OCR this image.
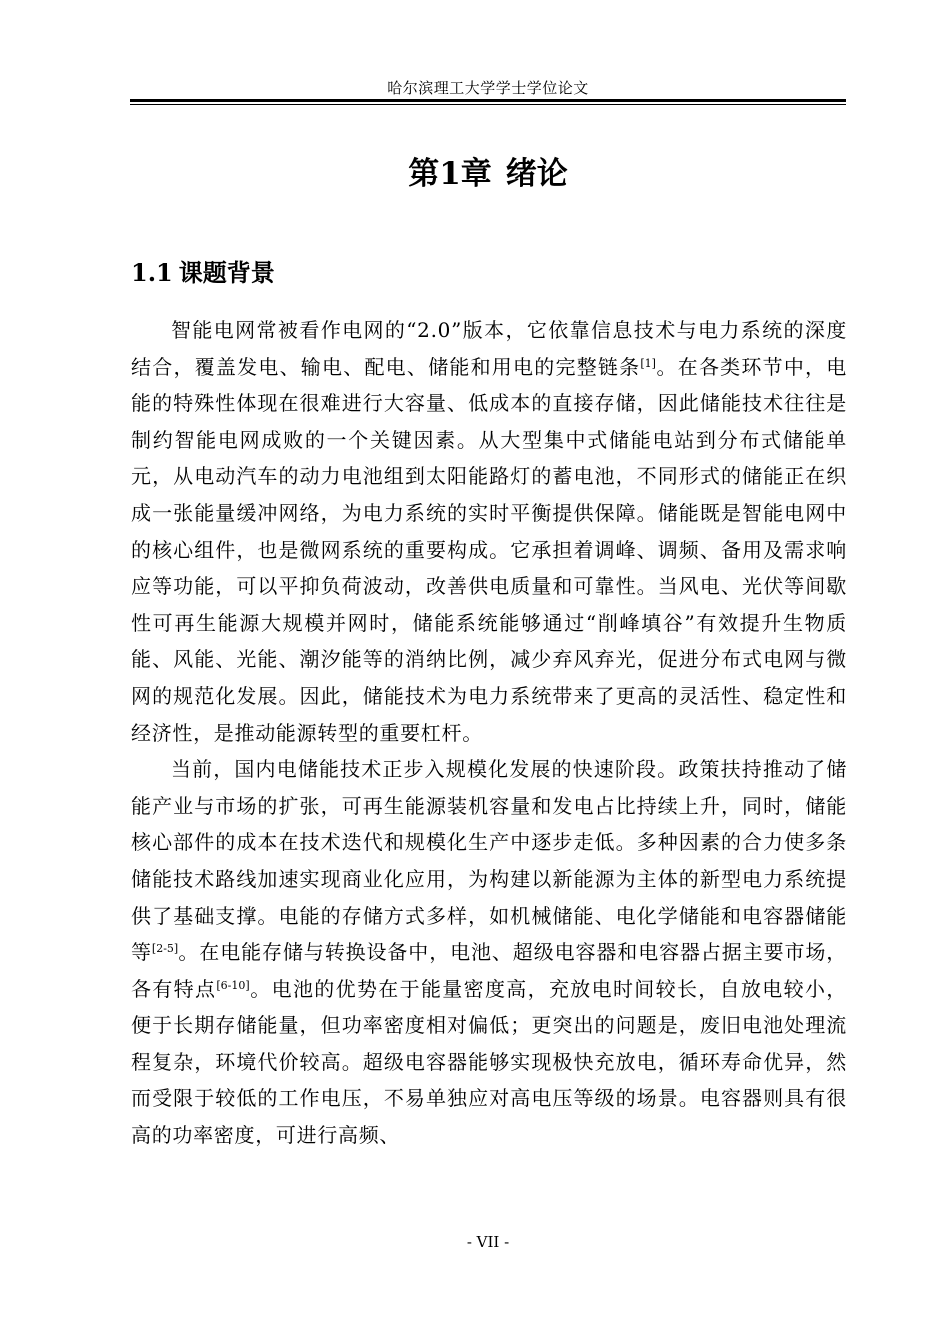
哈尔滨理工大学学士学位论文
第1章 绪论
1.1 课题背景

智能电网常被看作电网的“2.0”版本，它依靠信息技术与电力系统的深度结合，覆盖发电、输电、配电、储能和用电的完整链条[1]。在各类环节中，电能的特殊性体现在很难进行大容量、低成本的直接存储，因此储能技术往往是制约智能电网成败的一个关键因素。从大型集中式储能电站到分布式储能单元，从电动汽车的动力电池组到太阳能路灯的蓄电池，不同形式的储能正在织成一张能量缓冲网络，为电力系统的实时平衡提供保障。储能既是智能电网中的核心组件，也是微网系统的重要构成。它承担着调峰、调频、备用及需求响应等功能，可以平抑负荷波动，改善供电质量和可靠性。当风电、光伏等间歇性可再生能源大规模并网时，储能系统能够通过“削峰填谷”有效提升生物质能、风能、光能、潮汐能等的消纳比例，减少弃风弃光，促进分布式电网与微网的规范化发展。因此，储能技术为电力系统带来了更高的灵活性、稳定性和经济性，是推动能源转型的重要杠杆。

当前，国内电储能技术正步入规模化发展的快速阶段。政策扶持推动了储能产业与市场的扩张，可再生能源装机容量和发电占比持续上升，同时，储能核心部件的成本在技术迭代和规模化生产中逐步走低。多种因素的合力使多条储能技术路线加速实现商业化应用，为构建以新能源为主体的新型电力系统提供了基础支撑。电能的存储方式多样，如机械储能、电化学储能和电容器储能等[2-5]。在电能存储与转换设备中，电池、超级电容器和电容器占据主要市场，各有特点[6-10]。电池的优势在于能量密度高，充放电时间较长，自放电较小，便于长期存储能量，但功率密度相对偏低；更突出的问题是，废旧电池处理流程复杂，环境代价较高。超级电容器能够实现极快充放电，循环寿命优异，然而受限于较低的工作电压，不易单独应对高电压等级的场景。电容器则具有很高的功率密度，可进行高频、

- VII -
